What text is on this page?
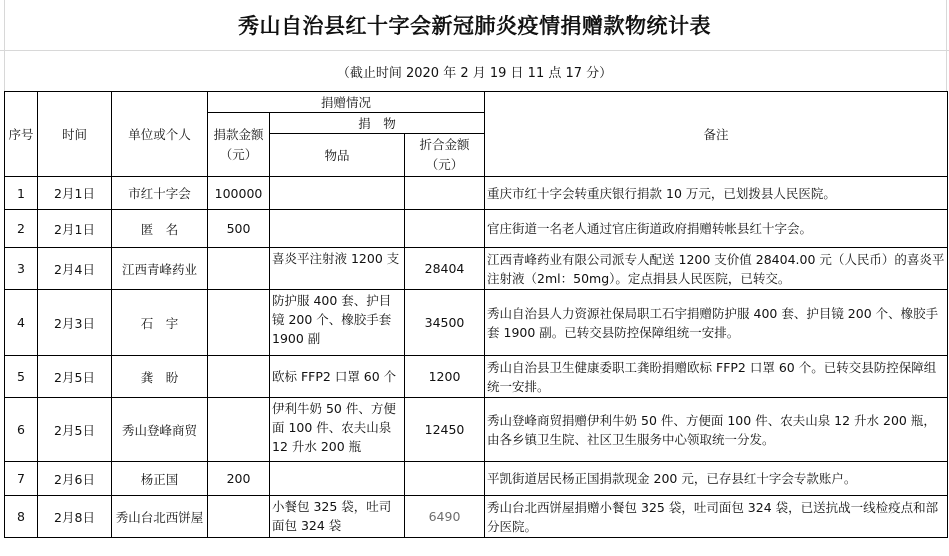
秀山自治县红十字会新冠肺炎疫情捐赠款物统计表
（截止时间 2020 年 2 月 19 日 11 点 17 分）
序号	时间	单位或个人	捐赠情况			备注
			捐款金额（元）	捐　物		
				物品	折合金额（元）	
1	2月1日	市红十字会	100000			重庆市红十字会转重庆银行捐款 10 万元，已划拨县人民医院。
2	2月1日	匿　名	500			官庄街道一名老人通过官庄街道政府捐赠转帐县红十字会。
3	2月4日	江西青峰药业		喜炎平注射液 1200 支	28404	江西青峰药业有限公司派专人配送 1200 支价值 28404.00 元（人民币）的喜炎平注射液（2ml：50mg）。定点捐县人民医院，已转交。
4	2月3日	石　宇		防护服 400 套、护目镜 200 个、橡胶手套 1900 副	34500	秀山自治县人力资源社保局职工石宇捐赠防护服 400 套、护目镜 200 个、橡胶手套 1900 副。已转交县防控保障组统一安排。
5	2月5日	龚　盼		欧标 FFP2 口罩 60 个	1200	秀山自治县卫生健康委职工龚盼捐赠欧标 FFP2 口罩 60 个。已转交县防控保障组统一安排。
6	2月5日	秀山登峰商贸		伊利牛奶 50 件、方便面 100 件、农夫山泉 12 升水 200 瓶	12450	秀山登峰商贸捐赠伊利牛奶 50 件、方便面 100 件、农夫山泉 12 升水 200 瓶，由各乡镇卫生院、社区卫生服务中心领取统一分发。
7	2月6日	杨正国	200			平凯街道居民杨正国捐款现金 200 元，已存县红十字会专款账户。
8	2月8日	秀山台北西饼屋		小餐包 325 袋，吐司面包 324 袋	6490	秀山台北西饼屋捐赠小餐包 325 袋，吐司面包 324 袋，已送抗战一线检疫点和部分医院。
